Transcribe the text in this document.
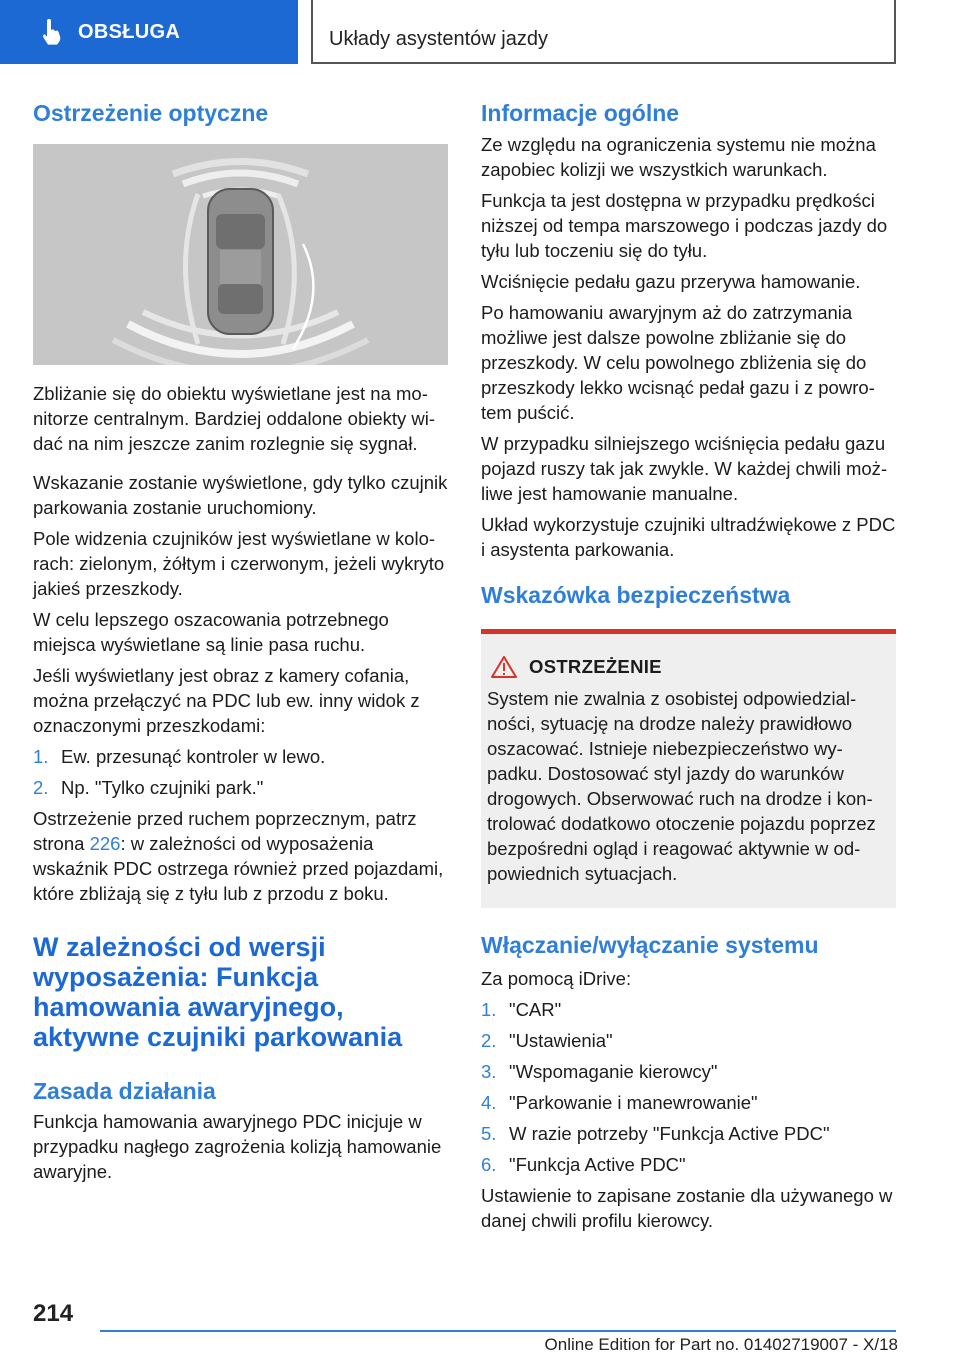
OBSŁUGA	Układy asystentów jazdy
Ostrzeżenie optyczne

Zbliżanie się do obiektu wyświetlane jest na monitorze centralnym. Bardziej oddalone obiekty widać na nim jeszcze zanim rozlegnie się sygnał.

Wskazanie zostanie wyświetlone, gdy tylko czujnik parkowania zostanie uruchomiony.

Pole widzenia czujników jest wyświetlane w kolorach: zielonym, żółtym i czerwonym, jeżeli wykryto jakieś przeszkody.

W celu lepszego oszacowania potrzebnego miejsca wyświetlane są linie pasa ruchu.

Jeśli wyświetlany jest obraz z kamery cofania, można przełączyć na PDC lub ew. inny widok z oznaczonymi przeszkodami:

1. Ew. przesunąć kontroler w lewo.
2. Np. "Tylko czujniki park."

Ostrzeżenie przed ruchem poprzecznym, patrz strona 226: w zależności od wyposażenia wskaźnik PDC ostrzega również przed pojazdami, które zbliżają się z tyłu lub z przodu z boku.

W zależności od wersji wyposażenia: Funkcja hamowania awaryjnego, aktywne czujniki parkowania
Zasada działania

Funkcja hamowania awaryjnego PDC inicjuje w przypadku nagłego zagrożenia kolizją hamowanie awaryjne.

Informacje ogólne

Ze względu na ograniczenia systemu nie można zapobiec kolizji we wszystkich warunkach.

Funkcja ta jest dostępna w przypadku prędkości niższej od tempa marszowego i podczas jazdy do tyłu lub toczeniu się do tyłu.

Wciśnięcie pedału gazu przerywa hamowanie.

Po hamowaniu awaryjnym aż do zatrzymania możliwe jest dalsze powolne zbliżanie się do przeszkody. W celu powolnego zbliżenia się do przeszkody lekko wcisnąć pedał gazu i z powrotem puścić.

W przypadku silniejszego wciśnięcia pedału gazu pojazd ruszy tak jak zwykle. W każdej chwili możliwe jest hamowanie manualne.

Układ wykorzystuje czujniki ultradźwiękowe z PDC i asystenta parkowania.

Wskazówka bezpieczeństwa
OSTRZEŻENIE

System nie zwalnia z osobistej odpowiedzialności, sytuację na drodze należy prawidłowo oszacować. Istnieje niebezpieczeństwo wypadku. Dostosować styl jazdy do warunków drogowych. Obserwować ruch na drodze i kontrolować dodatkowo otoczenie pojazdu poprzez bezpośredni ogląd i reagować aktywnie w odpowiednich sytuacjach.

Włączanie/wyłączanie systemu

Za pomocą iDrive:

1. "CAR"
2. "Ustawienia"
3. "Wspomaganie kierowcy"
4. "Parkowanie i manewrowanie"
5. W razie potrzeby "Funkcja Active PDC"
6. "Funkcja Active PDC"

Ustawienie to zapisane zostanie dla używanego w danej chwili profilu kierowcy.

214
Online Edition for Part no. 01402719007 - X/18
